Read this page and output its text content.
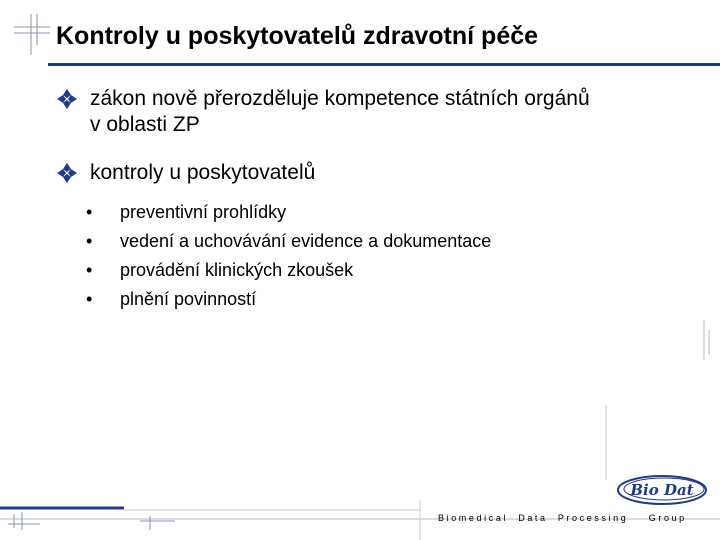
Kontroly u poskytovatelů zdravotní péče
zákon nově přerozděluje kompetence státních orgánů
v oblasti ZP
kontroly u poskytovatelů
•	preventivní prohlídky
•	vedení a uchovávání evidence a dokumentace
•	provádění klinických zkoušek
•	plnění povinností
Bio Dat
Biomedical  Data  Processing    Group
